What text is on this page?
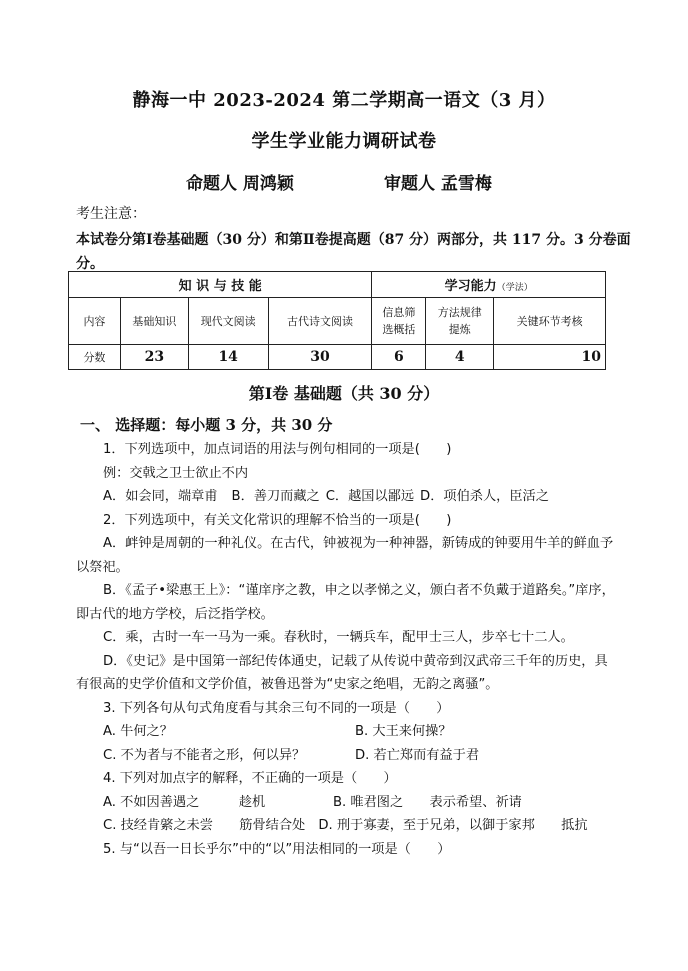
静海一中 2023-2024 第二学期高一语文（3 月）
学生学业能力调研试卷
命题人 周鸿颖	审题人 孟雪梅
考生注意：
本试卷分第Ⅰ卷基础题（30 分）和第Ⅱ卷提高题（87 分）两部分，共 117 分。3 分卷面分。
知 识 与 技 能				学习能力（学法）		
内容	基础知识	现代文阅读	古代诗文阅读	信息筛选概括	方法规律提炼	关键环节考核
分数	23	14	30	6	4	10
第Ⅰ卷 基础题（共 30 分）
一、 选择题：每小题 3 分，共 30 分

1．下列选项中，加点词语的用法与例句相同的一项是(　　)

例：交戟之卫士欲止不内

A．如会同，端章甫 B．善刀而藏之 C．越国以鄙远 D．项伯杀人，臣活之

2．下列选项中，有关文化常识的理解不恰当的一项是(　　)

A．衅钟是周朝的一种礼仪。在古代，钟被视为一种神器，新铸成的钟要用牛羊的鲜血予以祭祀。

B．《孟子•梁惠王上》：“谨庠序之教，申之以孝悌之义，颁白者不负戴于道路矣。”庠序，即古代的地方学校，后泛指学校。

C．乘，古时一车一马为一乘。春秋时，一辆兵车，配甲士三人，步卒七十二人。

D．《史记》是中国第一部纪传体通史，记载了从传说中黄帝到汉武帝三千年的历史，具有很高的史学价值和文学价值，被鲁迅誉为“史家之绝唱，无韵之离骚”。

3. 下列各句从句式角度看与其余三句不同的一项是（　　）

A. 牛何之？	B. 大王来何操？

C. 不为者与不能者之形，何以异？	D. 若亡郑而有益于君

4. 下列对加点字的解释，不正确的一项是（　　）

A. 不如因善遇之　　　趁机	B. 唯君图之　　表示希望、祈请

C. 技经肯綮之未尝　　筋骨结合处　 D. 刑于寡妻，至于兄弟，以御于家邦　　抵抗

5. 与“以吾一日长乎尔”中的“以”用法相同的一项是（　　）
